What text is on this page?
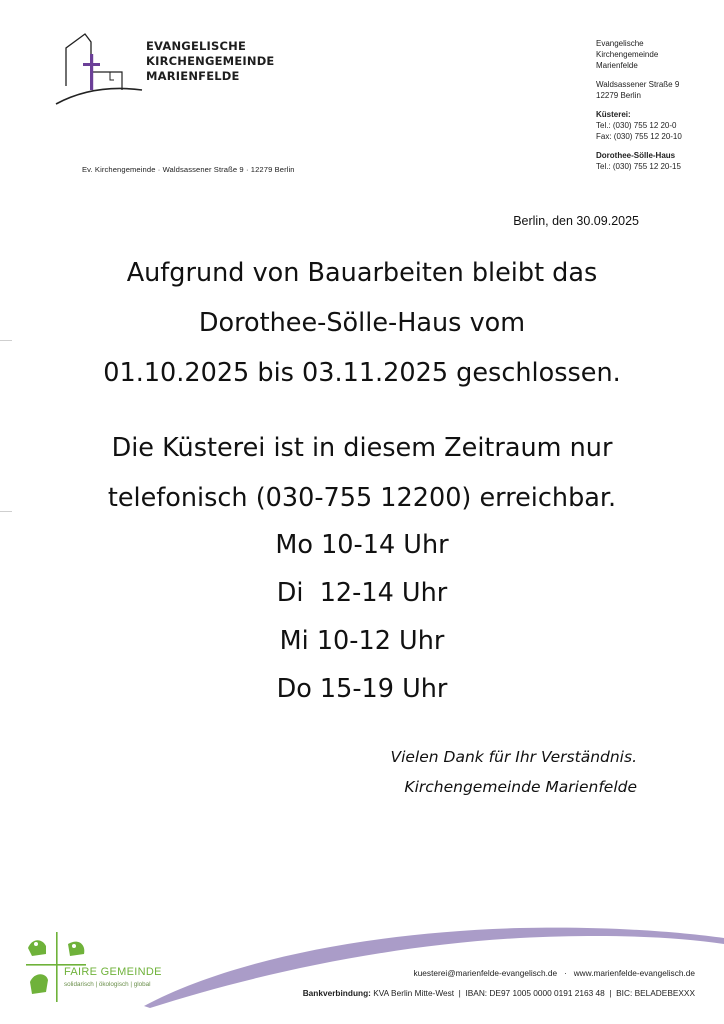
EVANGELISCHE
KIRCHENGEMEINDE
MARIENFELDE
Ev. Kirchengemeinde · Waldsassener Straße 9 · 12279 Berlin
Evangelische
Kirchengemeinde
Marienfelde
Waldsassener Straße 9
12279 Berlin
Küsterei:
Tel.: (030) 755 12 20-0
Fax: (030) 755 12 20-10
Dorothee-Sölle-Haus
Tel.: (030) 755 12 20-15
Berlin, den 30.09.2025
Aufgrund von Bauarbeiten bleibt das
Dorothee-Sölle-Haus vom
01.10.2025 bis 03.11.2025 geschlossen.
Die Küsterei ist in diesem Zeitraum nur
telefonisch (030-755 12200) erreichbar.
Mo 10-14 Uhr
Di  12-14 Uhr
Mi 10-12 Uhr
Do 15-19 Uhr
Vielen Dank für Ihr Verständnis.
Kirchengemeinde Marienfelde
FAIRE GEMEINDE
solidarisch | ökologisch | global
kuesterei@marienfelde-evangelisch.de   ·   www.marienfelde-evangelisch.de
Bankverbindung: KVA Berlin Mitte-West  |  IBAN: DE97 1005 0000 0191 2163 48  |  BIC: BELADEBEXXX
